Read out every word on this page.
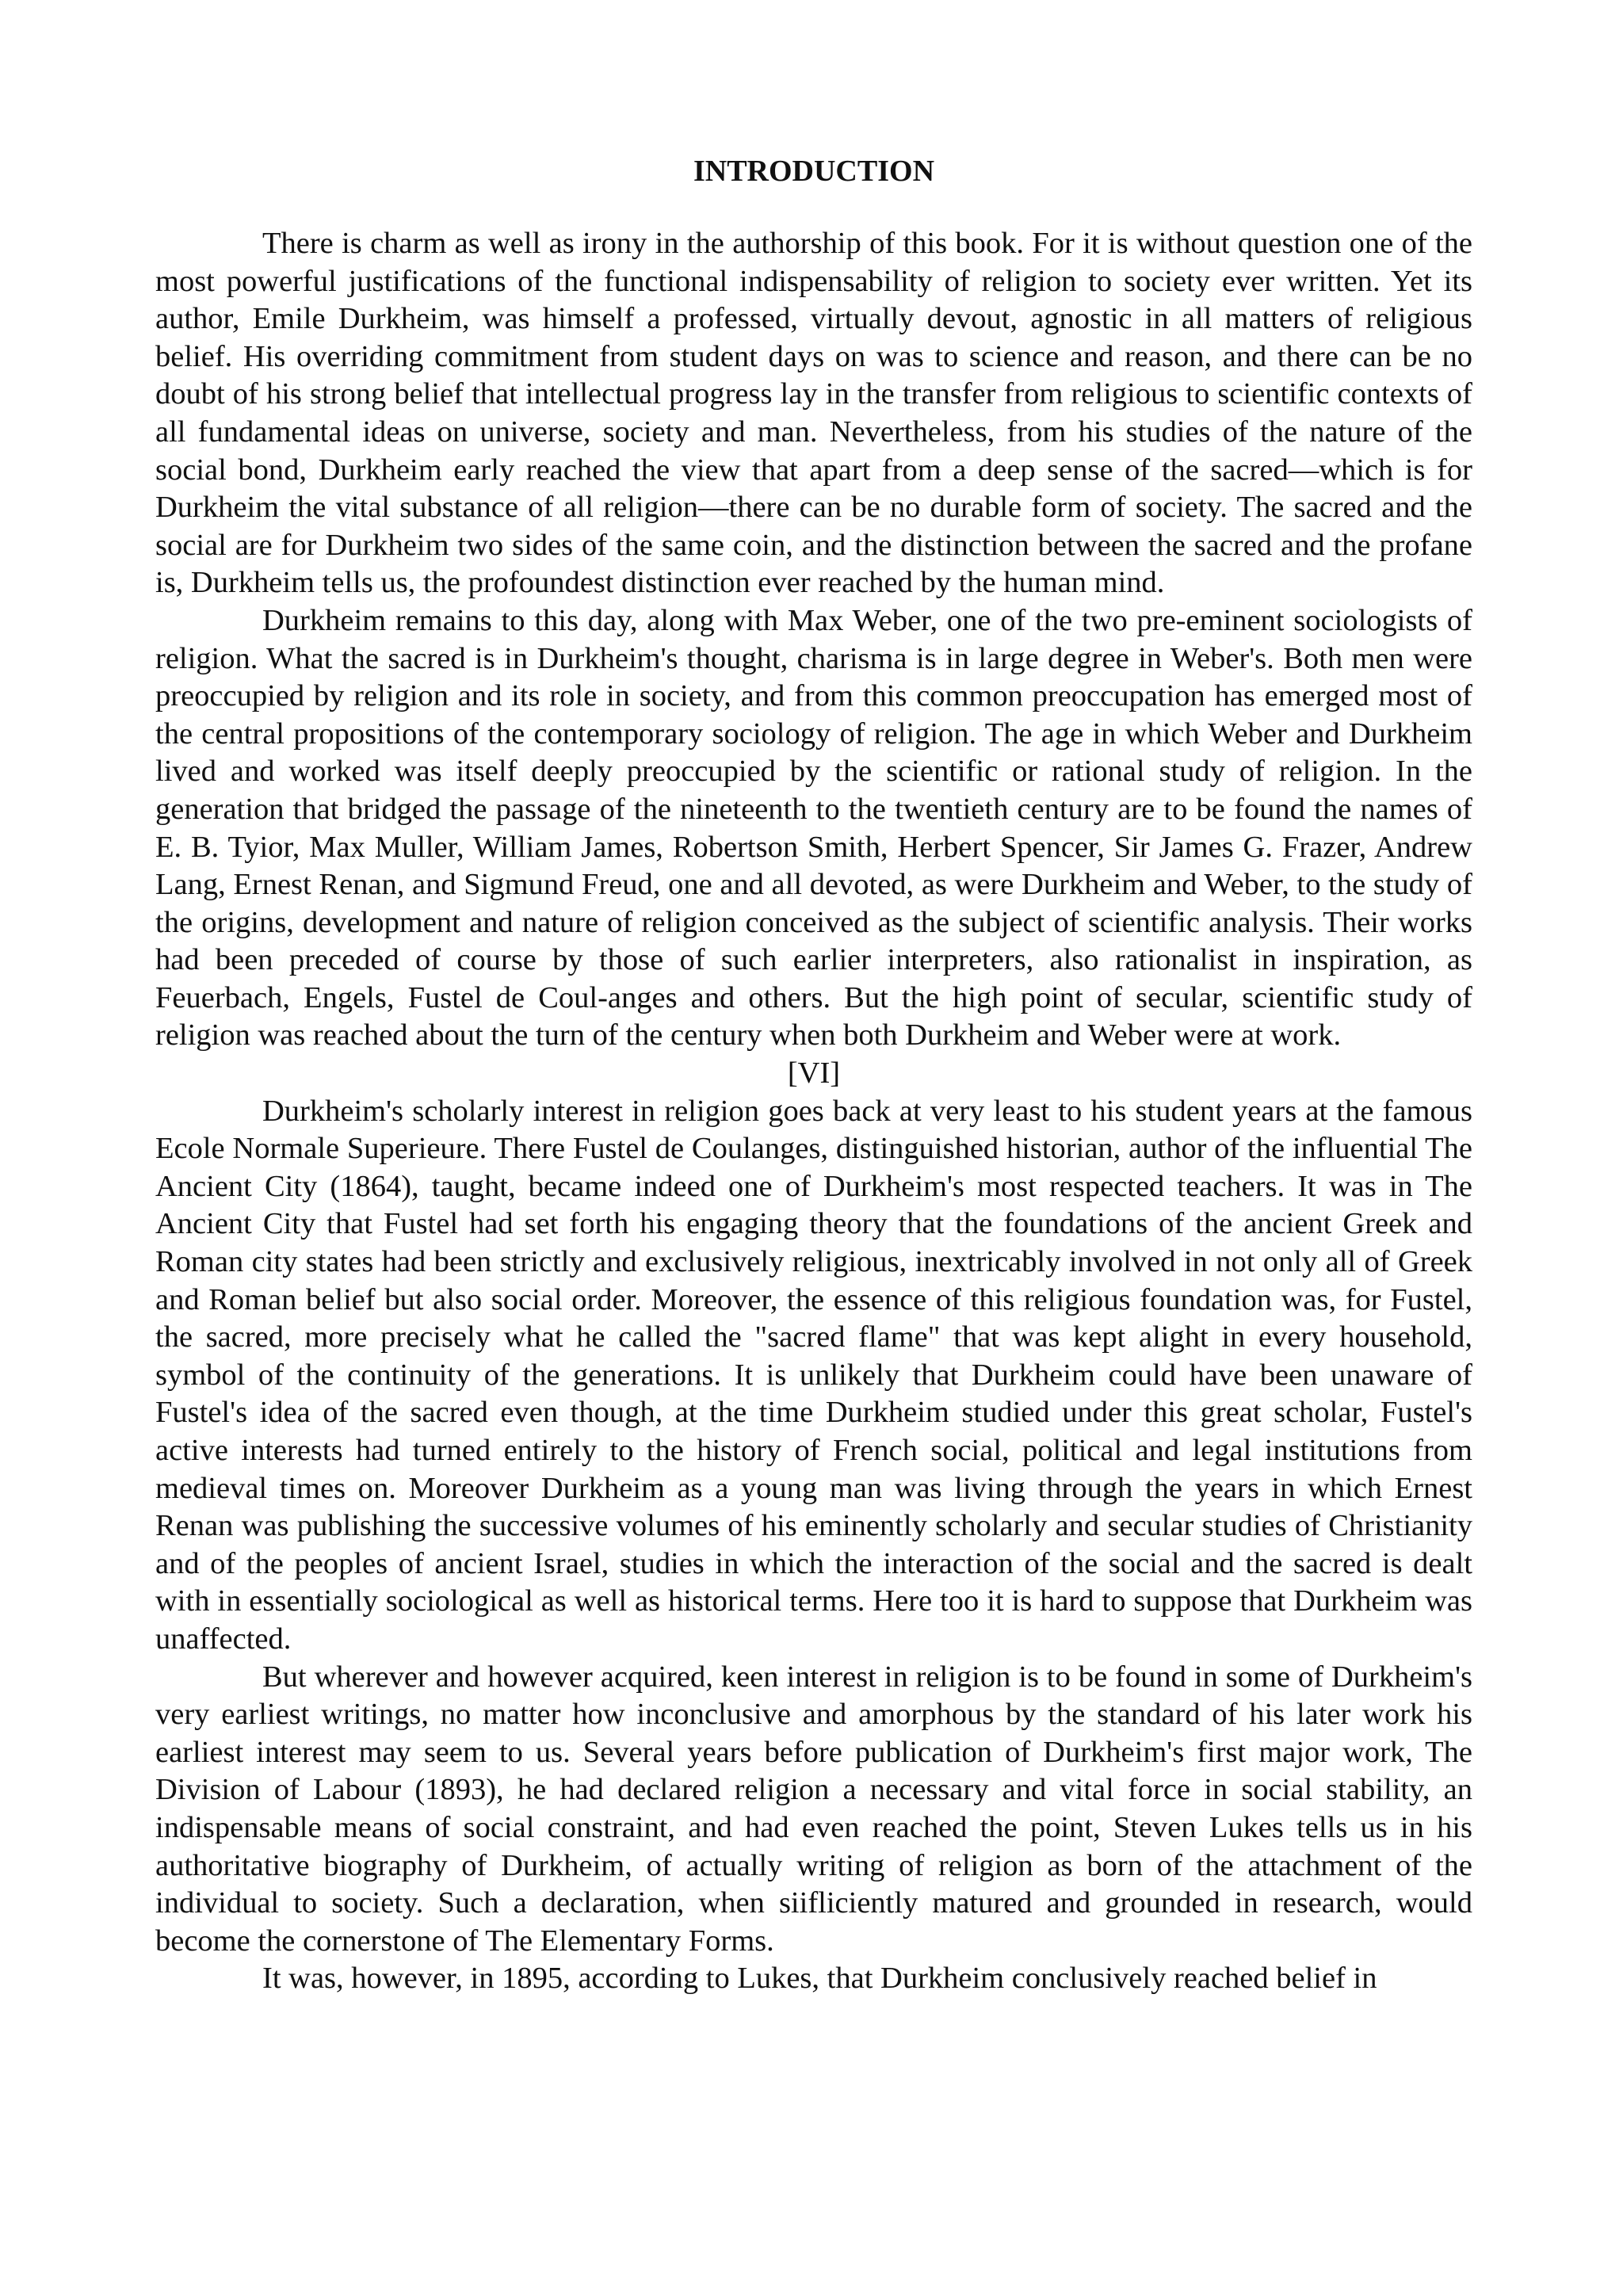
INTRODUCTION

There is charm as well as irony in the authorship of this book. For it is without question one of the most powerful justifications of the functional indispensability of religion to society ever written. Yet its author, Emile Durkheim, was himself a professed, virtually devout, agnostic in all matters of religious belief. His overriding commitment from student days on was to science and reason, and there can be no doubt of his strong belief that intellectual progress lay in the transfer from religious to scientific contexts of all fundamental ideas on universe, society and man. Nevertheless, from his studies of the nature of the social bond, Durkheim early reached the view that apart from a deep sense of the sacred—which is for Durkheim the vital substance of all religion—there can be no durable form of society. The sacred and the social are for Durkheim two sides of the same coin, and the distinction between the sacred and the profane is, Durkheim tells us, the profoundest distinction ever reached by the human mind.

Durkheim remains to this day, along with Max Weber, one of the two pre-eminent sociologists of religion. What the sacred is in Durkheim's thought, charisma is in large degree in Weber's. Both men were preoccupied by religion and its role in society, and from this common preoccupation has emerged most of the central propositions of the contemporary sociology of religion. The age in which Weber and Durkheim lived and worked was itself deeply preoccupied by the scientific or rational study of religion. In the generation that bridged the passage of the nineteenth to the twentieth century are to be found the names of E. B. Tyior, Max Muller, William James, Robertson Smith, Herbert Spencer, Sir James G. Frazer, Andrew Lang, Ernest Renan, and Sigmund Freud, one and all devoted, as were Durkheim and Weber, to the study of the origins, development and nature of religion conceived as the subject of scientific analysis. Their works had been preceded of course by those of such earlier interpreters, also rationalist in inspiration, as Feuerbach, Engels, Fustel de Coul-anges and others. But the high point of secular, scientific study of religion was reached about the turn of the century when both Durkheim and Weber were at work.

[VI]

Durkheim's scholarly interest in religion goes back at very least to his student years at the famous Ecole Normale Superieure. There Fustel de Coulanges, distinguished historian, author of the influential The Ancient City (1864), taught, became indeed one of Durkheim's most respected teachers. It was in The Ancient City that Fustel had set forth his engaging theory that the foundations of the ancient Greek and Roman city states had been strictly and exclusively religious, inextricably involved in not only all of Greek and Roman belief but also social order. Moreover, the essence of this religious foundation was, for Fustel, the sacred, more precisely what he called the "sacred flame" that was kept alight in every household, symbol of the continuity of the generations. It is unlikely that Durkheim could have been unaware of Fustel's idea of the sacred even though, at the time Durkheim studied under this great scholar, Fustel's active interests had turned entirely to the history of French social, political and legal institutions from medieval times on. Moreover Durkheim as a young man was living through the years in which Ernest Renan was publishing the successive volumes of his eminently scholarly and secular studies of Christianity and of the peoples of ancient Israel, studies in which the interaction of the social and the sacred is dealt with in essentially sociological as well as historical terms. Here too it is hard to suppose that Durkheim was unaffected.

But wherever and however acquired, keen interest in religion is to be found in some of Durkheim's very earliest writings, no matter how inconclusive and amorphous by the standard of his later work his earliest interest may seem to us. Several years before publication of Durkheim's first major work, The Division of Labour (1893), he had declared religion a necessary and vital force in social stability, an indispensable means of social constraint, and had even reached the point, Steven Lukes tells us in his authoritative biography of Durkheim, of actually writing of religion as born of the attachment of the individual to society. Such a declaration, when siifliciently matured and grounded in research, would become the cornerstone of The Elementary Forms.

It was, however, in 1895, according to Lukes, that Durkheim conclusively reached belief in
